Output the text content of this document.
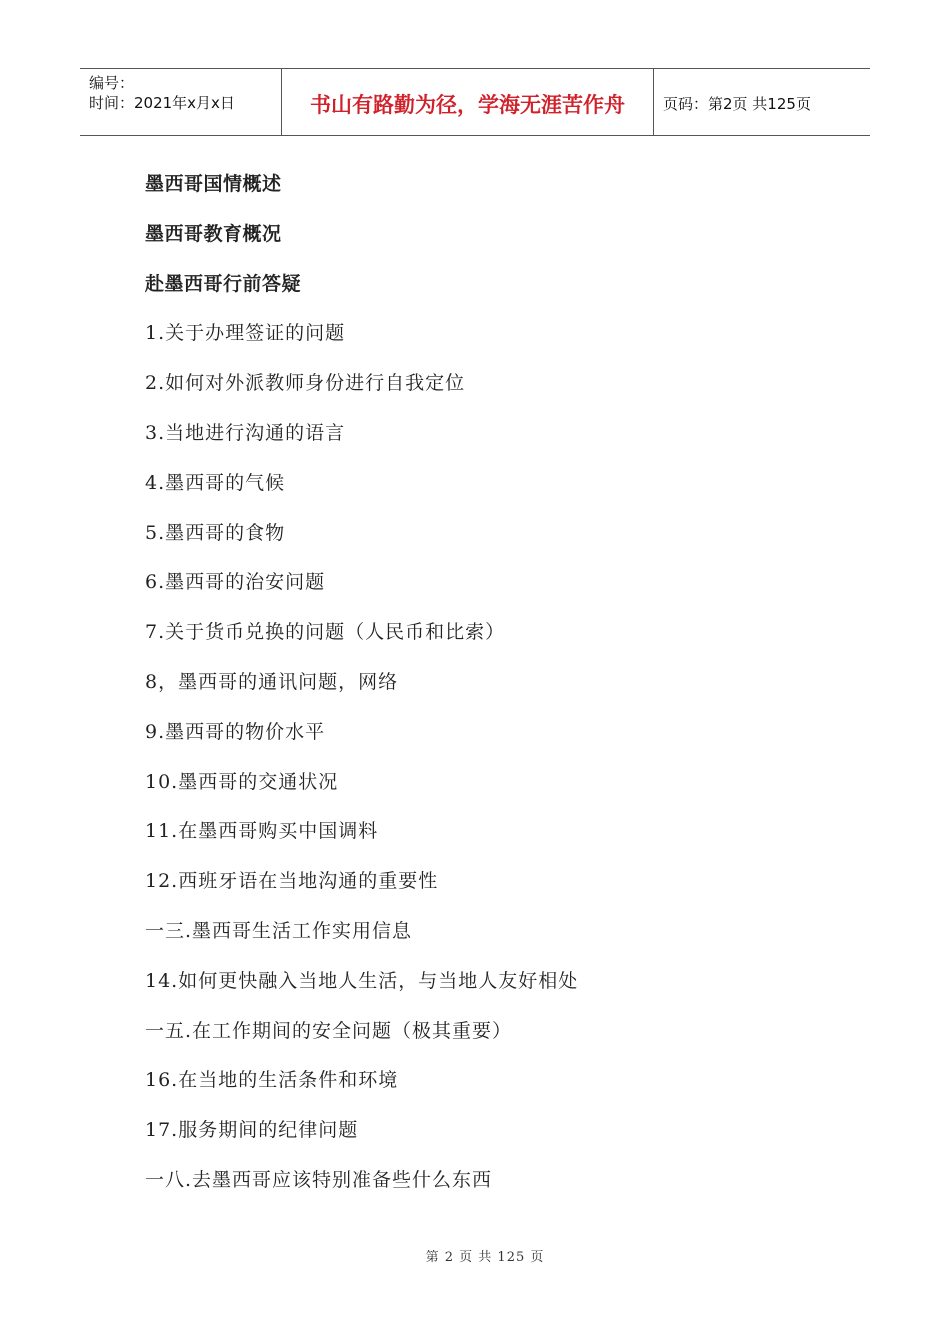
编号：
时间：2021年x月x日	书山有路勤为径，学海无涯苦作舟	页码：第2页 共125页
墨西哥国情概述
墨西哥教育概况
赴墨西哥行前答疑
1.关于办理签证的问题
2.如何对外派教师身份进行自我定位
3.当地进行沟通的语言
4.墨西哥的气候
5.墨西哥的食物
6.墨西哥的治安问题
7.关于货币兑换的问题（人民币和比索）
8，墨西哥的通讯问题，网络
9.墨西哥的物价水平
10.墨西哥的交通状况
11.在墨西哥购买中国调料
12.西班牙语在当地沟通的重要性
一三.墨西哥生活工作实用信息
14.如何更快融入当地人生活，与当地人友好相处
一五.在工作期间的安全问题（极其重要）
16.在当地的生活条件和环境
17.服务期间的纪律问题
一八.去墨西哥应该特别准备些什么东西
第 2 页 共 125 页
